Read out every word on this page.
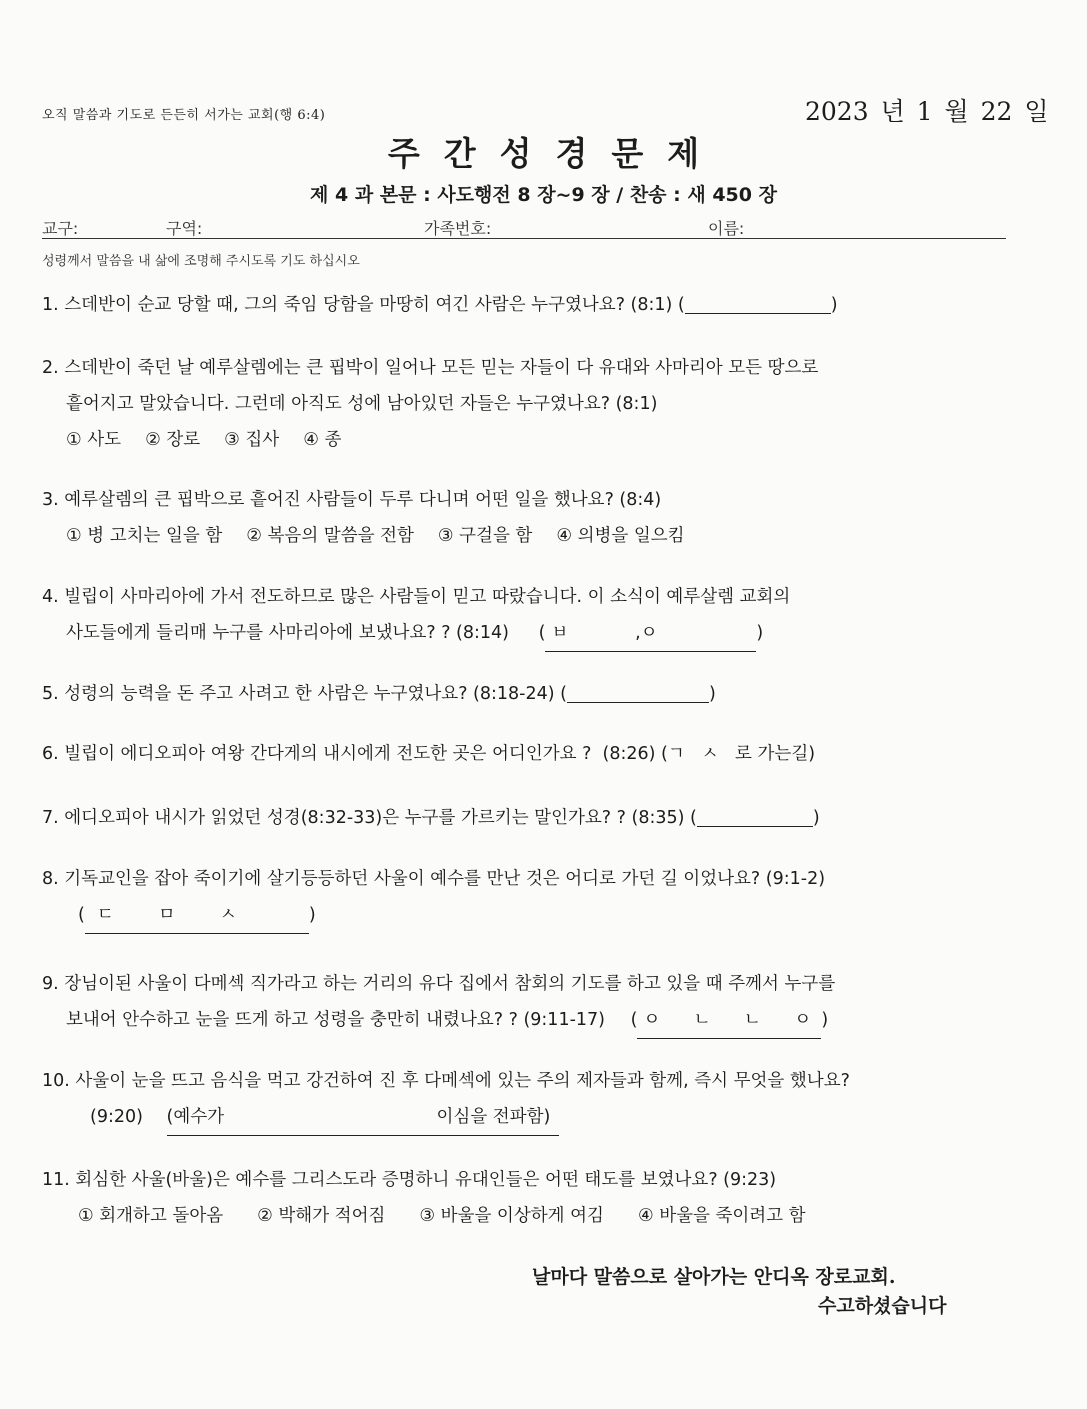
오직 말씀과 기도로 든든히 서가는 교회(행 6:4)	2023 년 1 월 22 일
주간성경문제
제 4 과 본문 : 사도행전 8 장~9 장 / 찬송 : 새 450 장
교구:	구역:	가족번호:	이름:
성령께서 말씀을 내 삶에 조명해 주시도록 기도 하십시오
1. 스데반이 순교 당할 때, 그의 죽임 당함을 마땅히 여긴 사람은 누구였나요? (8:1) (	)
2. 스데반이 죽던 날 예루살렘에는 큰 핍박이 일어나 모든 믿는 자들이 다 유대와 사마리아 모든 땅으로
흩어지고 말았습니다. 그런데 아직도 성에 남아있던 자들은 누구였나요? (8:1)
① 사도 ② 장로 ③ 집사 ④ 종
3. 예루살렘의 큰 핍박으로 흩어진 사람들이 두루 다니며 어떤 일을 했나요? (8:4)
① 병 고치는 일을 함 ② 복음의 말씀을 전함 ③ 구걸을 함 ④ 의병을 일으킴
4. 빌립이 사마리아에 가서 전도하므로 많은 사람들이 믿고 따랐습니다. 이 소식이 예루살렘 교회의
사도들에게 들리매 누구를 사마리아에 보냈나요? ? (8:14) ( ㅂ            ,ㅇ	)
5. 성령의 능력을 돈 주고 사려고 한 사람은 누구였나요? (8:18-24) (	)
6. 빌립이 에디오피아 여왕 간다게의 내시에게 전도한 곳은 어디인가요 ?  (8:26) (ㄱ   ㅅ   로 가는길)
7. 에디오피아 내시가 읽었던 성경(8:32-33)은 누구를 가르키는 말인가요? ? (8:35) (	)
8. 기독교인을 잡아 죽이기에 살기등등하던 사울이 예수를 만난 것은 어디로 가던 길 이었나요? (9:1-2)
( ㄷ        ㅁ        ㅅ	)
9. 장님이된 사울이 다메섹 직가라고 하는 거리의 유다 집에서 참회의 기도를 하고 있을 때 주께서 누구를
보내어 안수하고 눈을 뜨게 하고 성령을 충만히 내렸나요? ? (9:11-17) ( ㅇ      ㄴ      ㄴ      ㅇ )
10. 사울이 눈을 뜨고 음식을 먹고 강건하여 진 후 다메섹에 있는 주의 제자들과 함께, 즉시 무엇을 했나요?
(9:20) (예수가	이심을 전파함)
11. 회심한 사울(바울)은 예수를 그리스도라 증명하니 유대인들은 어떤 태도를 보였나요? (9:23)
① 회개하고 돌아옴 ② 박해가 적어짐 ③ 바울을 이상하게 여김 ④ 바울을 죽이려고 함
날마다 말씀으로 살아가는 안디옥 장로교회.
수고하셨습니다
